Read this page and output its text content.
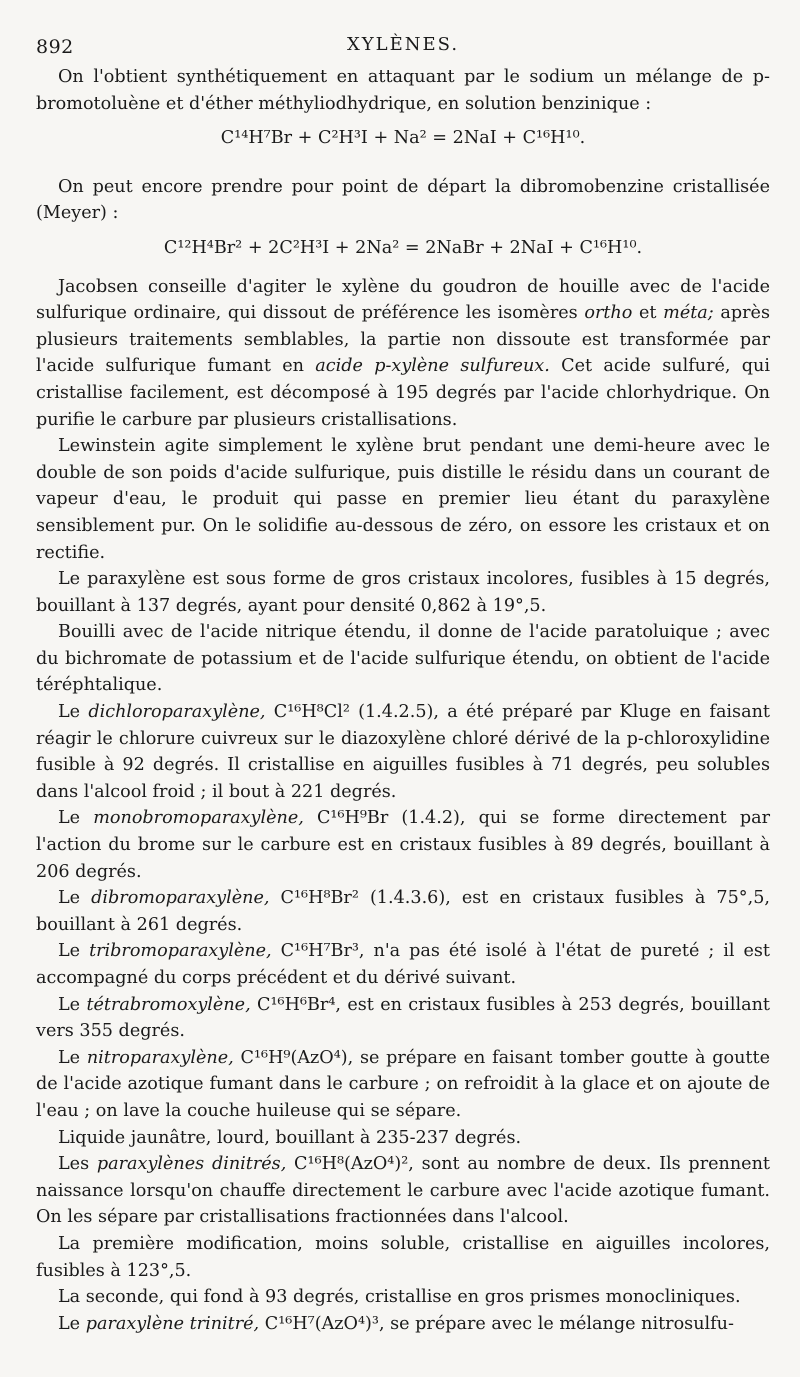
892	XYLÈNES.

On l'obtient synthétiquement en attaquant par le sodium un mélange de p-bromotoluène et d'éther méthyliodhydrique, en solution benzinique :

C¹⁴H⁷Br + C²H³I + Na² = 2NaI + C¹⁶H¹⁰.

On peut encore prendre pour point de départ la dibromobenzine cristallisée (Meyer) :

C¹²H⁴Br² + 2C²H³I + 2Na² = 2NaBr + 2NaI + C¹⁶H¹⁰.

Jacobsen conseille d'agiter le xylène du goudron de houille avec de l'acide sulfurique ordinaire, qui dissout de préférence les isomères ortho et méta; après plusieurs traitements semblables, la partie non dissoute est transformée par l'acide sulfurique fumant en acide p-xylène sulfureux. Cet acide sulfuré, qui cristallise facilement, est décomposé à 195 degrés par l'acide chlorhydrique. On purifie le carbure par plusieurs cristallisations.

Lewinstein agite simplement le xylène brut pendant une demi-heure avec le double de son poids d'acide sulfurique, puis distille le résidu dans un courant de vapeur d'eau, le produit qui passe en premier lieu étant du paraxylène sensiblement pur. On le solidifie au-dessous de zéro, on essore les cristaux et on rectifie.

Le paraxylène est sous forme de gros cristaux incolores, fusibles à 15 degrés, bouillant à 137 degrés, ayant pour densité 0,862 à 19°,5.

Bouilli avec de l'acide nitrique étendu, il donne de l'acide paratoluique ; avec du bichromate de potassium et de l'acide sulfurique étendu, on obtient de l'acide téréphtalique.

Le dichloroparaxylène, C¹⁶H⁸Cl² (1.4.2.5), a été préparé par Kluge en faisant réagir le chlorure cuivreux sur le diazoxylène chloré dérivé de la p-chloroxylidine fusible à 92 degrés. Il cristallise en aiguilles fusibles à 71 degrés, peu solubles dans l'alcool froid ; il bout à 221 degrés.

Le monobromoparaxylène, C¹⁶H⁹Br (1.4.2), qui se forme directement par l'action du brome sur le carbure est en cristaux fusibles à 89 degrés, bouillant à 206 degrés.

Le dibromoparaxylène, C¹⁶H⁸Br² (1.4.3.6), est en cristaux fusibles à 75°,5, bouillant à 261 degrés.

Le tribromoparaxylène, C¹⁶H⁷Br³, n'a pas été isolé à l'état de pureté ; il est accompagné du corps précédent et du dérivé suivant.

Le tétrabromoxylène, C¹⁶H⁶Br⁴, est en cristaux fusibles à 253 degrés, bouillant vers 355 degrés.

Le nitroparaxylène, C¹⁶H⁹(AzO⁴), se prépare en faisant tomber goutte à goutte de l'acide azotique fumant dans le carbure ; on refroidit à la glace et on ajoute de l'eau ; on lave la couche huileuse qui se sépare.

Liquide jaunâtre, lourd, bouillant à 235-237 degrés.

Les paraxylènes dinitrés, C¹⁶H⁸(AzO⁴)², sont au nombre de deux. Ils prennent naissance lorsqu'on chauffe directement le carbure avec l'acide azotique fumant. On les sépare par cristallisations fractionnées dans l'alcool.

La première modification, moins soluble, cristallise en aiguilles incolores, fusibles à 123°,5.

La seconde, qui fond à 93 degrés, cristallise en gros prismes monocliniques.

Le paraxylène trinitré, C¹⁶H⁷(AzO⁴)³, se prépare avec le mélange nitrosulfu-
